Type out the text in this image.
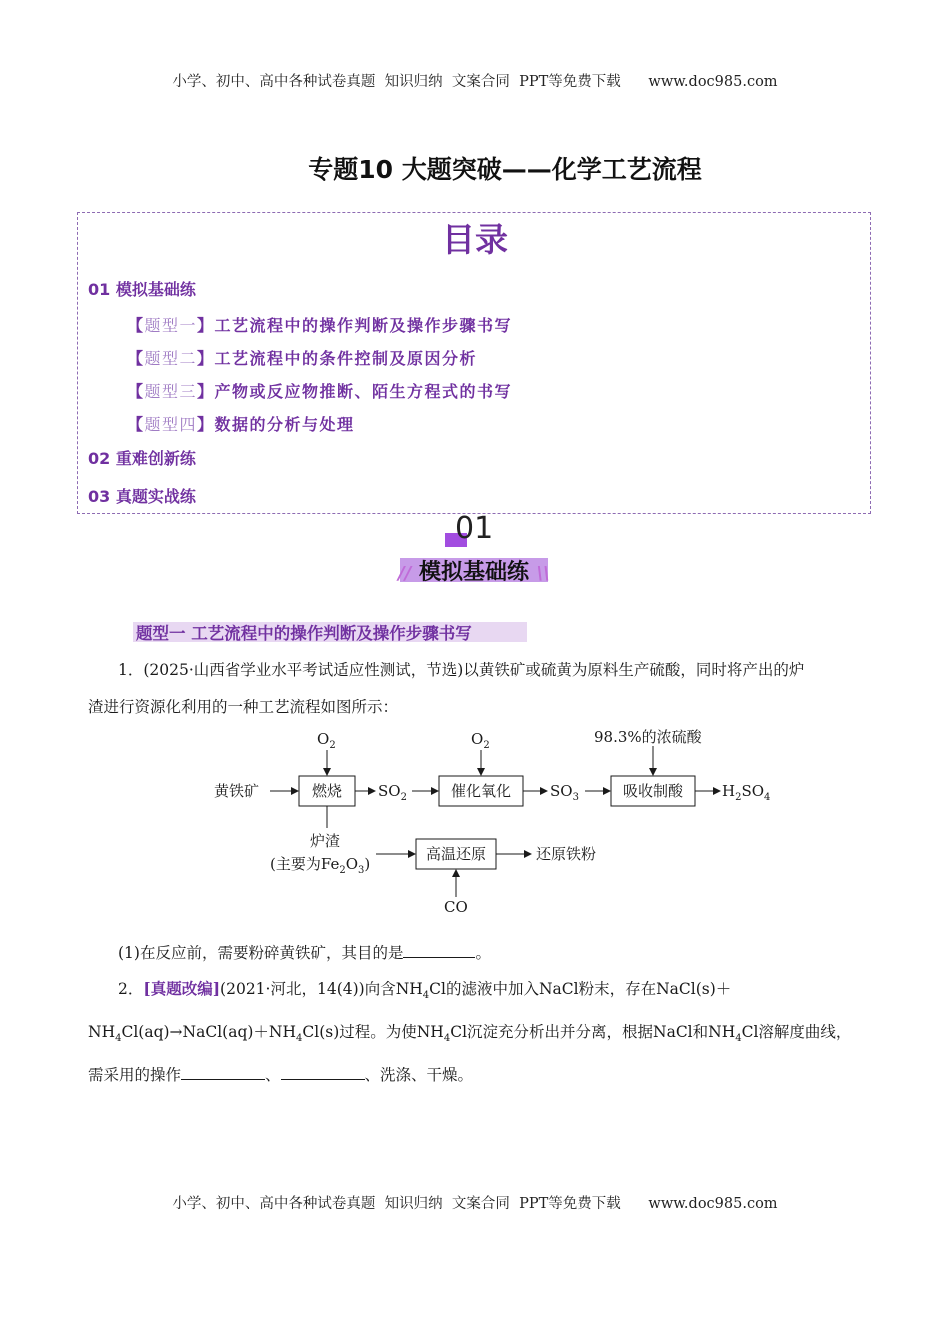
小学、初中、高中各种试卷真题  知识归纳  文案合同  PPT等免费下载      www.doc985.com
专题10 大题突破——化学工艺流程
目录
01 模拟基础练
【题型一】工艺流程中的操作判断及操作步骤书写
【题型二】工艺流程中的条件控制及原因分析
【题型三】产物或反应物推断、陌生方程式的书写
【题型四】数据的分析与处理
02 重难创新练
03 真题实战练
01
// 模拟基础练 \\
题型一 工艺流程中的操作判断及操作步骤书写
1．(2025·山西省学业水平考试适应性测试，节选)以黄铁矿或硫黄为原料生产硫酸，同时将产出的炉
渣进行资源化利用的一种工艺流程如图所示：
$O_2$	$O_2$	98.3%的浓硫酸
黄铁矿	燃烧 $SO_2$	催化氧化	$SO_3$	吸收制酸	$H_2SO_4$
炉渣
(主要为$Fe_2O_3$)
高温还原	还原铁粉
CO
(1)在反应前，需要粉碎黄铁矿，其目的是	。
2．[真题改编](2021·河北，14(4))向含$NH_4Cl$的滤液中加入NaCl粉末，存在NaCl(s)＋
$NH_4Cl(aq)\to NaCl(aq)+NH_4Cl(s)$过程。为使$NH_4Cl$沉淀充分析出并分离，根据NaCl和$NH_4Cl$溶解度曲线，
需采用的操作	、	、洗涤、干燥。
小学、初中、高中各种试卷真题  知识归纳  文案合同  PPT等免费下载      www.doc985.com
